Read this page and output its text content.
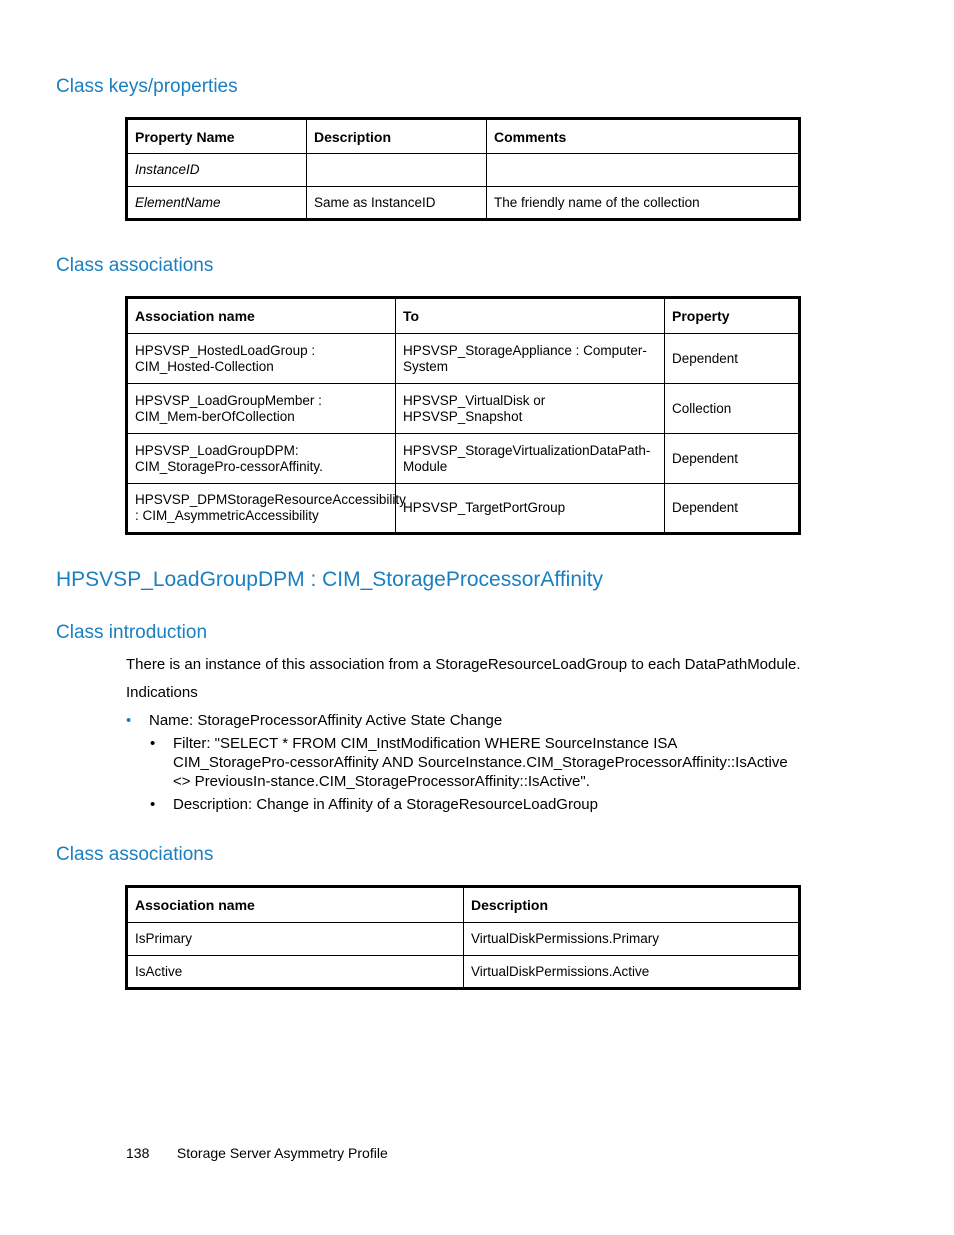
Class keys/properties
Property Name	Description	Comments
InstanceID		
ElementName	Same as InstanceID	The friendly name of the collection
Class associations
Association name	To	Property
HPSVSP_HostedLoadGroup : CIM_Hosted-Collection	HPSVSP_StorageAppliance : Computer-System	Dependent
HPSVSP_LoadGroupMember : CIM_Mem-berOfCollection	HPSVSP_VirtualDisk or HPSVSP_Snapshot	Collection
HPSVSP_LoadGroupDPM: CIM_StoragePro-cessorAffinity.	HPSVSP_StorageVirtualizationDataPath-Module	Dependent
HPSVSP_DPMStorageResourceAccessibility : CIM_AsymmetricAccessibility	HPSVSP_TargetPortGroup	Dependent
HPSVSP_LoadGroupDPM : CIM_StorageProcessorAffinity
Class introduction

There is an instance of this association from a StorageResourceLoadGroup to each DataPathModule.

Indications

• Name: StorageProcessorAffinity Active State Change
• Filter: "SELECT * FROM CIM_InstModification WHERE SourceInstance ISA CIM_StoragePro-cessorAffinity AND SourceInstance.CIM_StorageProcessorAffinity::IsActive <> PreviousIn-stance.CIM_StorageProcessorAffinity::IsActive".
• Description: Change in Affinity of a StorageResourceLoadGroup
Class associations
Association name	Description
IsPrimary	VirtualDiskPermissions.Primary
IsActive	VirtualDiskPermissions.Active
138 Storage Server Asymmetry Profile
